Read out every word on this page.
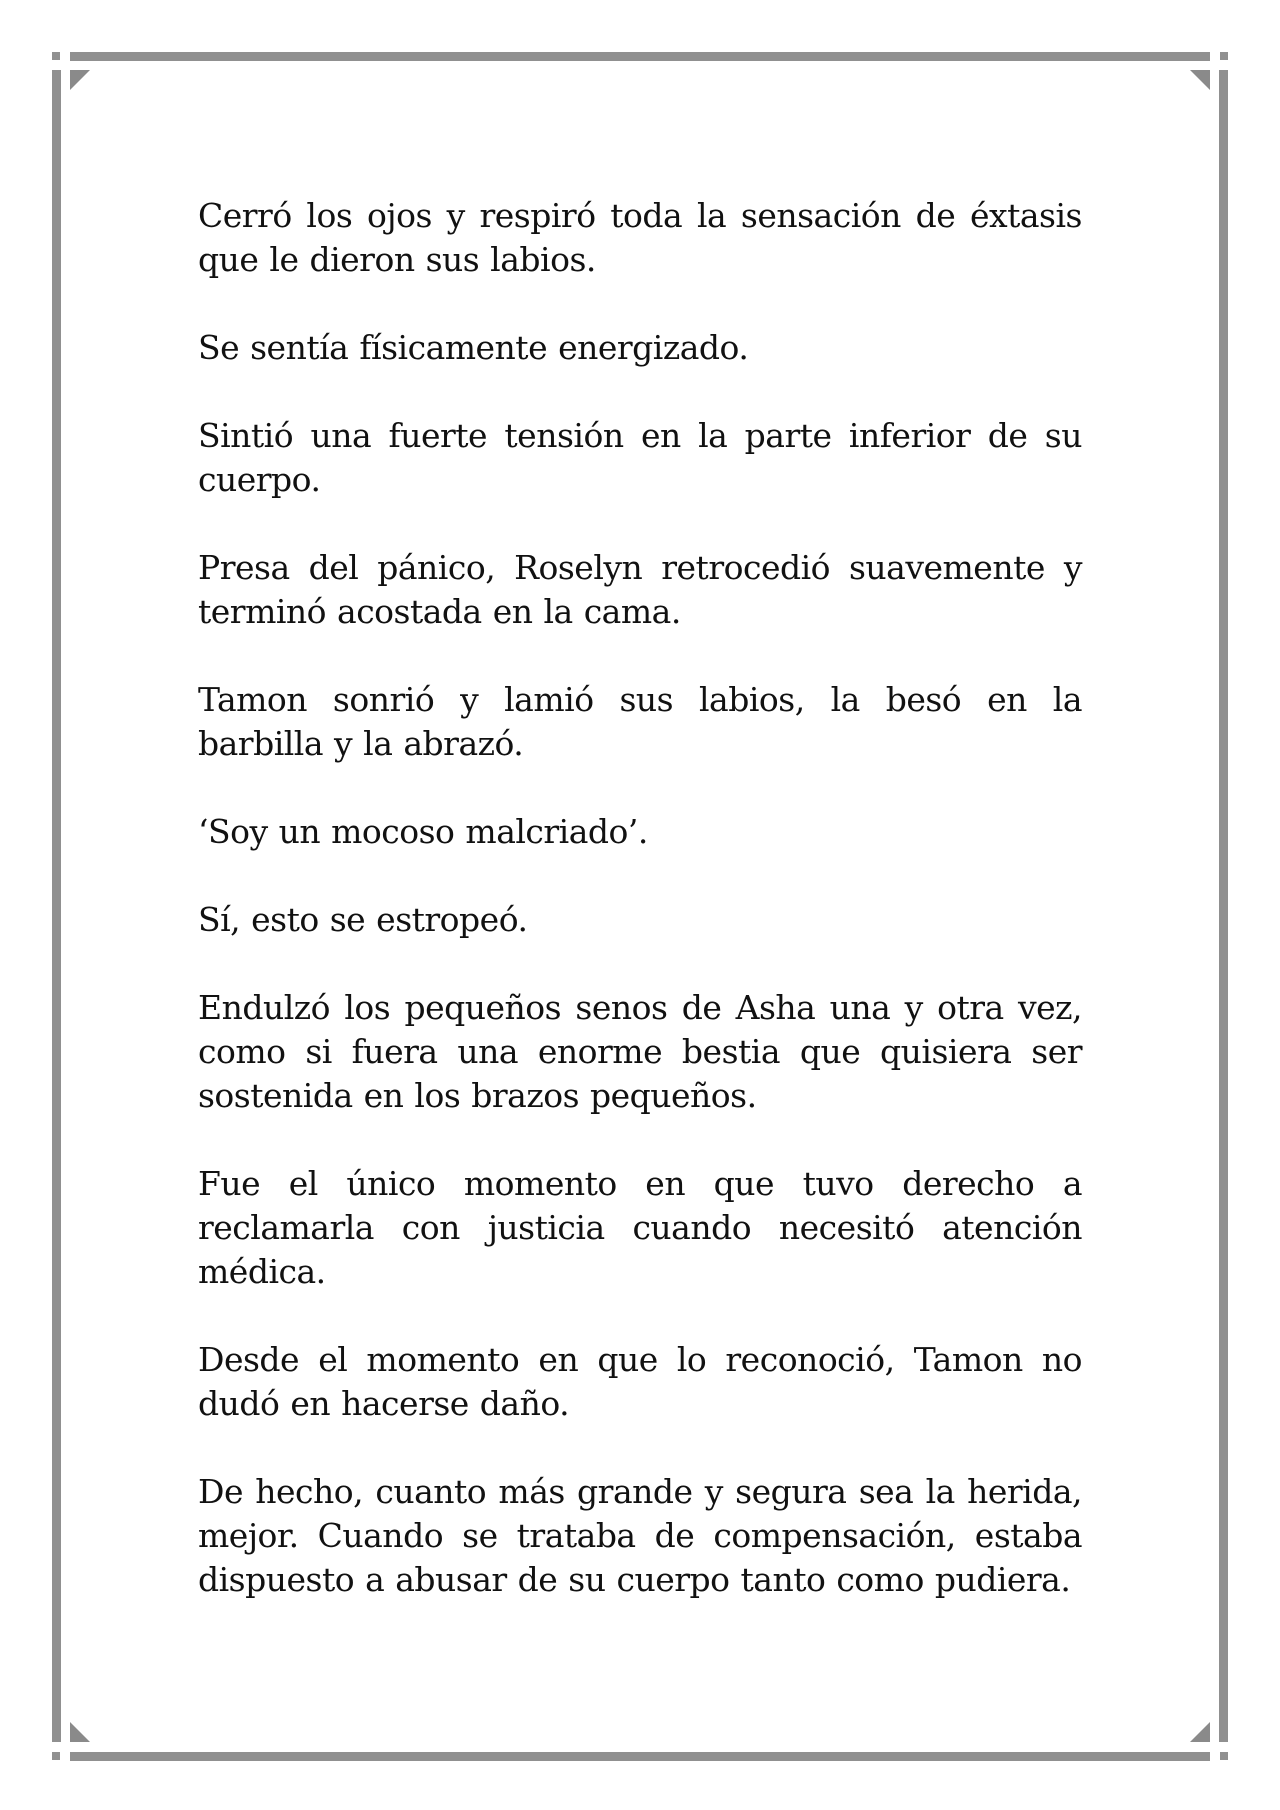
Cerró los ojos y respiró toda la sensación de éxtasis que le dieron sus labios.

Se sentía físicamente energizado.

Sintió una fuerte tensión en la parte inferior de su cuerpo.

Presa del pánico, Roselyn retrocedió suavemente y terminó acostada en la cama.

Tamon sonrió y lamió sus labios, la besó en la barbilla y la abrazó.

‘Soy un mocoso malcriado’.

Sí, esto se estropeó.

Endulzó los pequeños senos de Asha una y otra vez, como si fuera una enorme bestia que quisiera ser sostenida en los brazos pequeños.

Fue el único momento en que tuvo derecho a reclamarla con justicia cuando necesitó atención médica.

Desde el momento en que lo reconoció, Tamon no dudó en hacerse daño.

De hecho, cuanto más grande y segura sea la herida, mejor. Cuando se trataba de compensación, estaba dispuesto a abusar de su cuerpo tanto como pudiera.
